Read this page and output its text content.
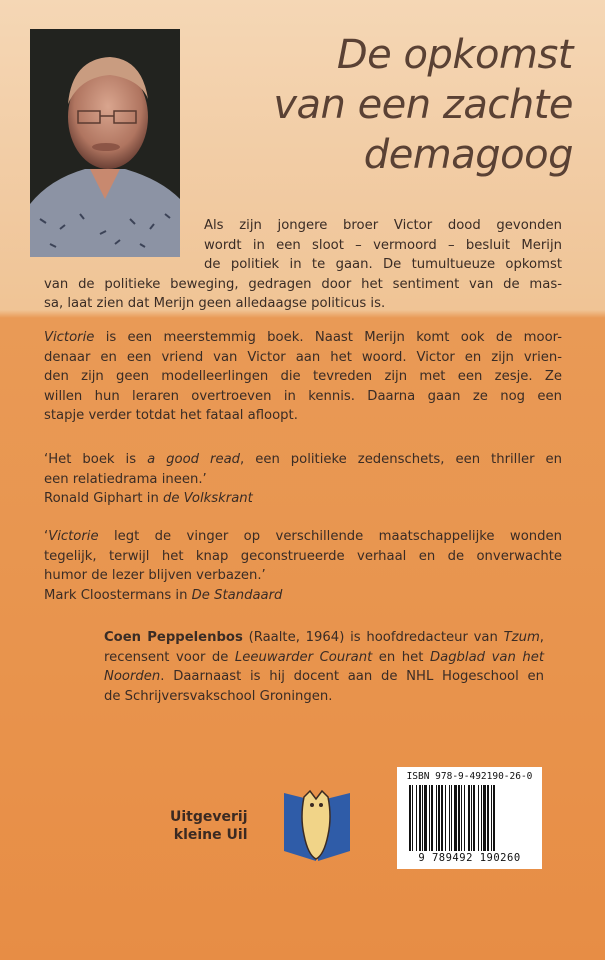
De opkomst
van een zachte
demagoog
Als zijn jongere broer Victor dood gevonden
wordt in een sloot – vermoord – besluit Merijn
de politiek in te gaan. De tumultueuze opkomst
van de politieke beweging, gedragen door het sentiment van de mas-
sa, laat zien dat Merijn geen alledaagse politicus is.
Victorie is een meerstemmig boek. Naast Merijn komt ook de moor-
denaar en een vriend van Victor aan het woord. Victor en zijn vrien-
den zijn geen modelleerlingen die tevreden zijn met een zesje. Ze
willen hun leraren overtroeven in kennis. Daarna gaan ze nog een
stapje verder totdat het fataal afloopt.
‘Het boek is a good read, een politieke zedenschets, een thriller en
een relatiedrama ineen.’
Ronald Giphart in de Volkskrant
‘Victorie legt de vinger op verschillende maatschappelijke wonden
tegelijk, terwijl het knap geconstrueerde verhaal en de onverwachte
humor de lezer blijven verbazen.’
Mark Cloostermans in De Standaard
Coen Peppelenbos (Raalte, 1964) is hoofdredacteur van Tzum,
recensent voor de Leeuwarder Courant en het Dagblad van het
Noorden. Daarnaast is hij docent aan de NHL Hogeschool en
de Schrijversvakschool Groningen.
Uitgeverij
kleine Uil
ISBN 978-9-492190-26-0
9 789492 190260
